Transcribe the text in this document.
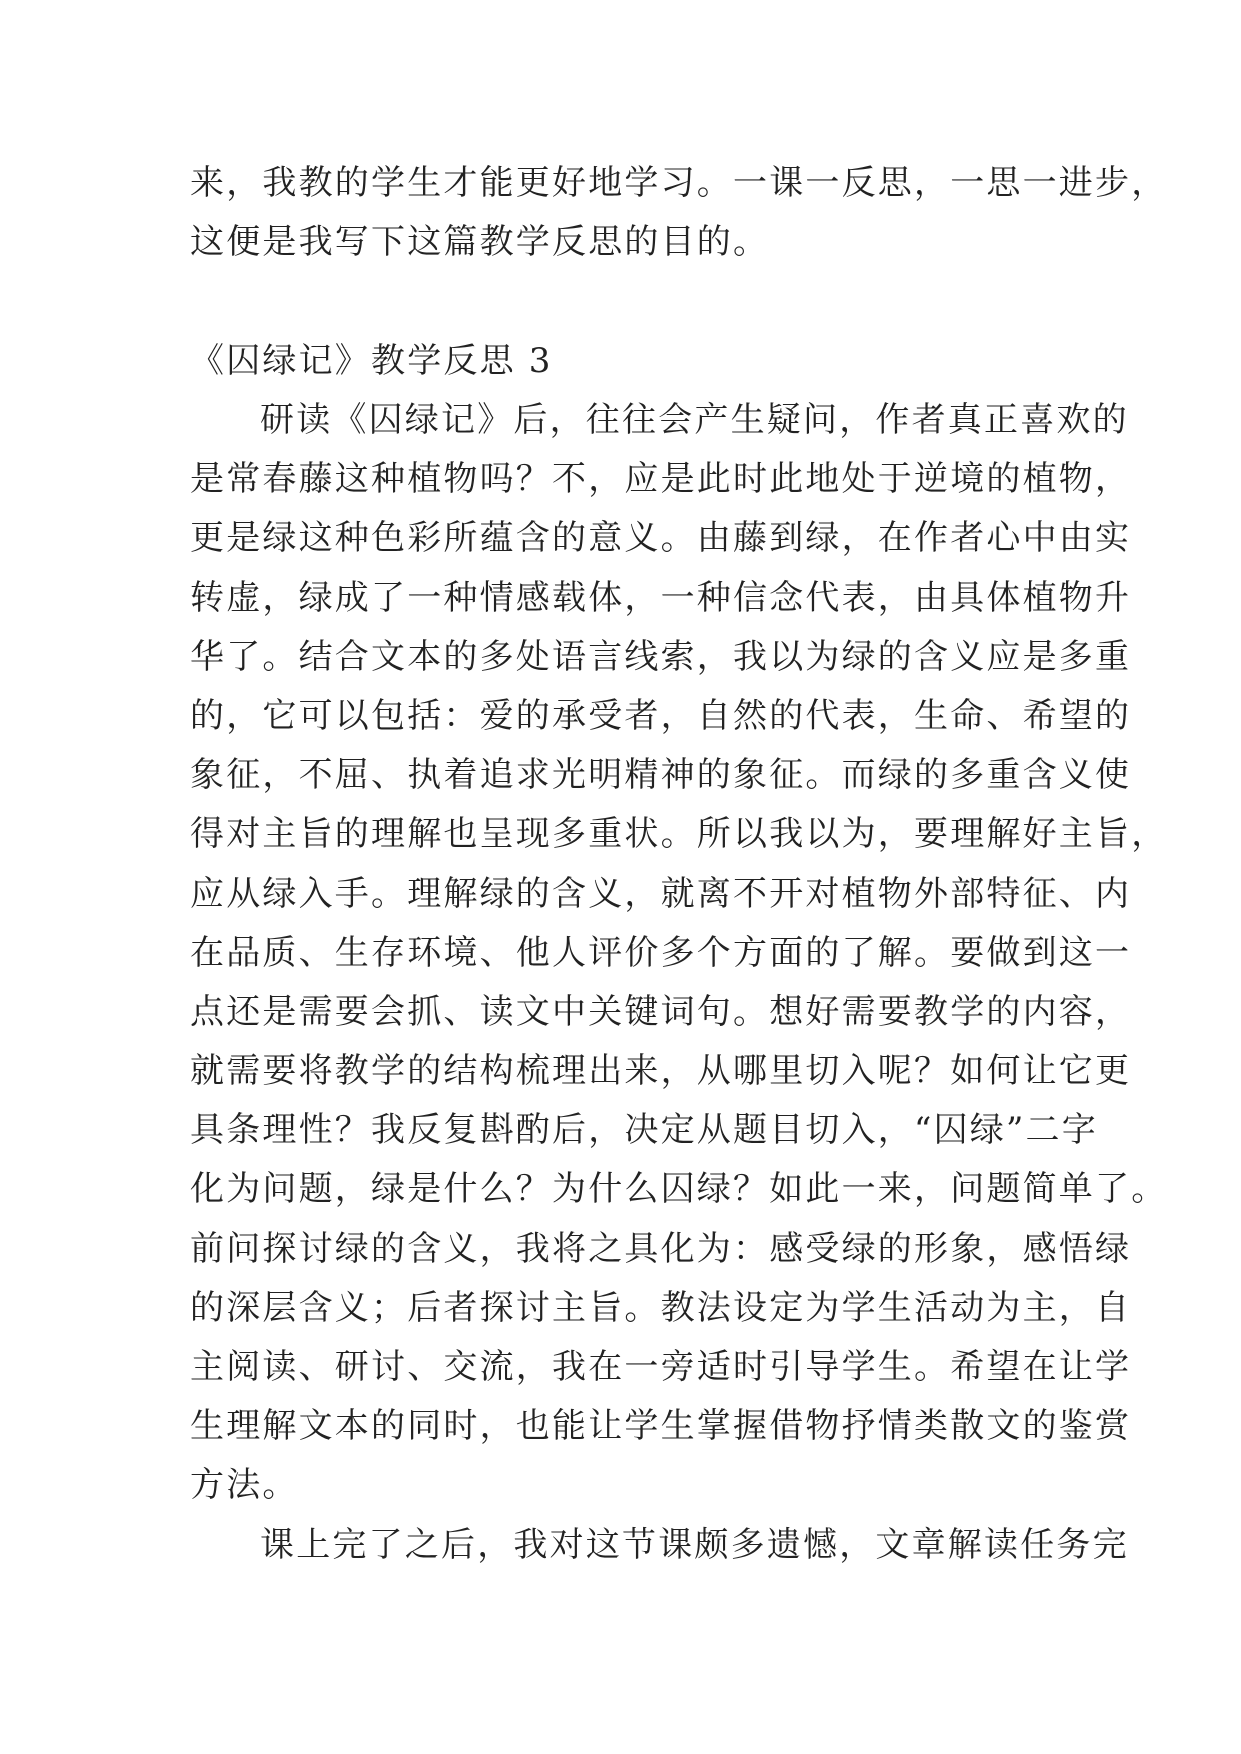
来，我教的学生才能更好地学习。一课一反思，一思一进步，
这便是我写下这篇教学反思的目的。
《囚绿记》教学反思 3
研读《囚绿记》后，往往会产生疑问，作者真正喜欢的
是常春藤这种植物吗？不，应是此时此地处于逆境的植物，
更是绿这种色彩所蕴含的意义。由藤到绿，在作者心中由实
转虚，绿成了一种情感载体，一种信念代表，由具体植物升
华了。结合文本的多处语言线索，我以为绿的含义应是多重
的，它可以包括：爱的承受者，自然的代表，生命、希望的
象征，不屈、执着追求光明精神的象征。而绿的多重含义使
得对主旨的理解也呈现多重状。所以我以为，要理解好主旨，
应从绿入手。理解绿的含义，就离不开对植物外部特征、内
在品质、生存环境、他人评价多个方面的了解。要做到这一
点还是需要会抓、读文中关键词句。想好需要教学的内容，
就需要将教学的结构梳理出来，从哪里切入呢？如何让它更
具条理性？我反复斟酌后，决定从题目切入，“囚绿”二字
化为问题，绿是什么？为什么囚绿？如此一来，问题简单了。
前问探讨绿的含义，我将之具化为：感受绿的形象，感悟绿
的深层含义；后者探讨主旨。教法设定为学生活动为主，自
主阅读、研讨、交流，我在一旁适时引导学生。希望在让学
生理解文本的同时，也能让学生掌握借物抒情类散文的鉴赏
方法。
课上完了之后，我对这节课颇多遗憾，文章解读任务完
